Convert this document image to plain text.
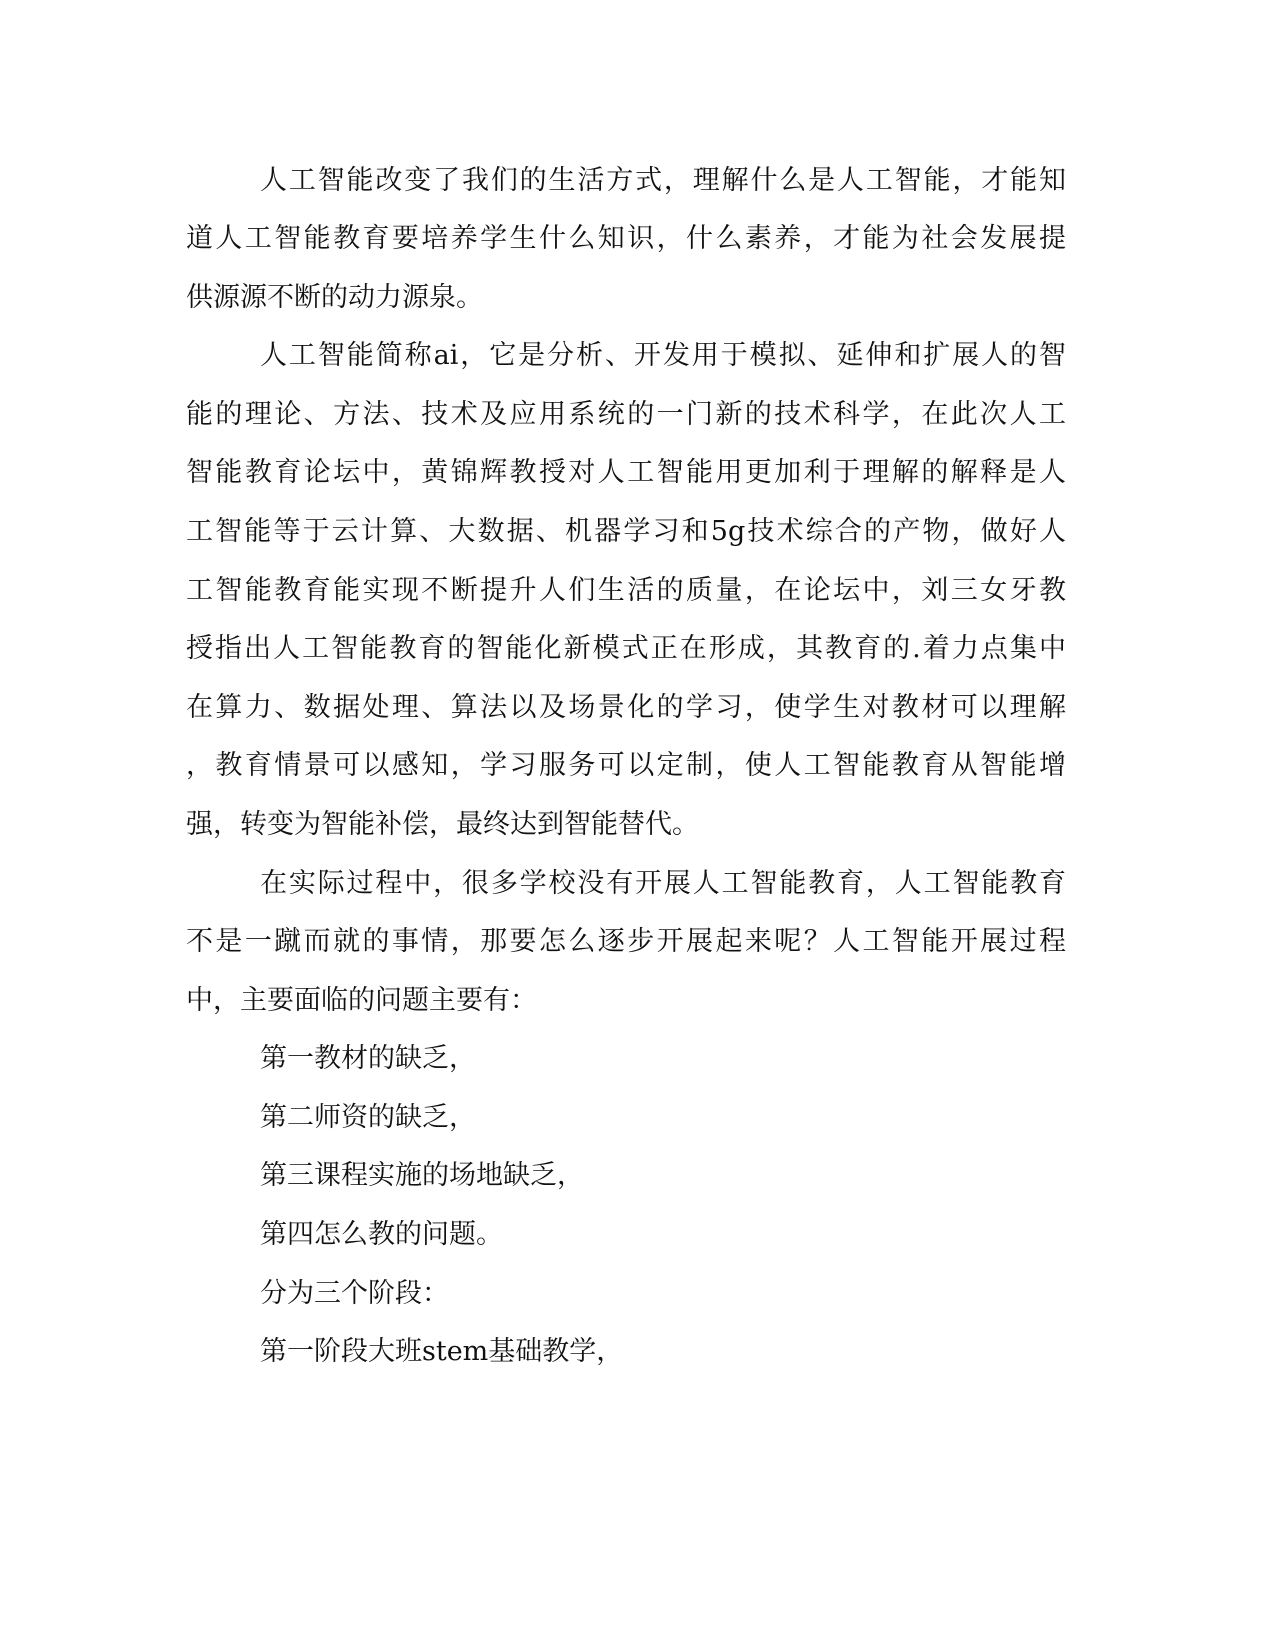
人工智能改变了我们的生活方式，理解什么是人工智能，才能知
道人工智能教育要培养学生什么知识，什么素养，才能为社会发展提
供源源不断的动力源泉。
人工智能简称ai，它是分析、开发用于模拟、延伸和扩展人的智
能的理论、方法、技术及应用系统的一门新的技术科学，在此次人工
智能教育论坛中，黄锦辉教授对人工智能用更加利于理解的解释是人
工智能等于云计算、大数据、机器学习和5g技术综合的产物，做好人
工智能教育能实现不断提升人们生活的质量，在论坛中，刘三女牙教
授指出人工智能教育的智能化新模式正在形成，其教育的.着力点集中
在算力、数据处理、算法以及场景化的学习，使学生对教材可以理解
，教育情景可以感知，学习服务可以定制，使人工智能教育从智能增
强，转变为智能补偿，最终达到智能替代。
在实际过程中，很多学校没有开展人工智能教育，人工智能教育
不是一蹴而就的事情，那要怎么逐步开展起来呢？人工智能开展过程
中，主要面临的问题主要有：
第一教材的缺乏，
第二师资的缺乏，
第三课程实施的场地缺乏，
第四怎么教的问题。
分为三个阶段：
第一阶段大班stem基础教学，
